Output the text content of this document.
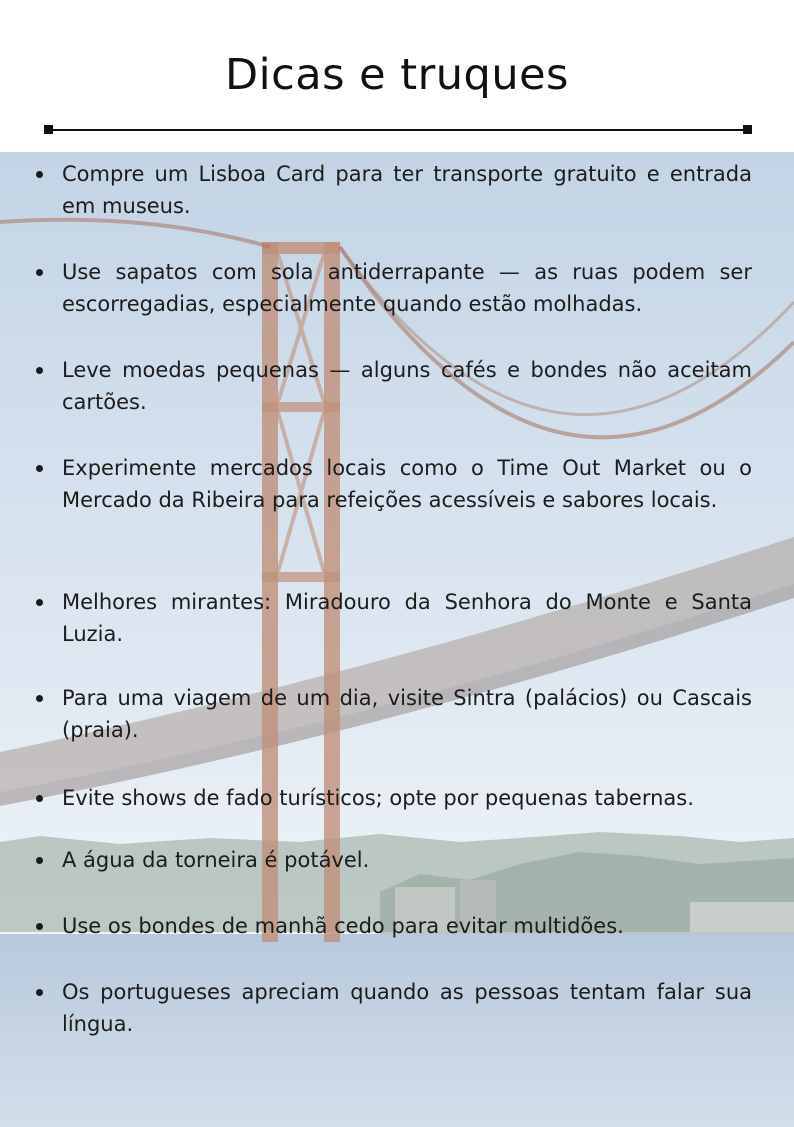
Dicas e truques
Compre um Lisboa Card para ter transporte gratuito e entrada em museus.
Use sapatos com sola antiderrapante — as ruas podem ser escorregadias, especialmente quando estão molhadas.
Leve moedas pequenas — alguns cafés e bondes não aceitam cartões.
Experimente mercados locais como o Time Out Market ou o Mercado da Ribeira para refeições acessíveis e sabores locais.
Melhores mirantes: Miradouro da Senhora do Monte e Santa Luzia.
Para uma viagem de um dia, visite Sintra (palácios) ou Cascais (praia).
Evite shows de fado turísticos; opte por pequenas tabernas.
A água da torneira é potável.
Use os bondes de manhã cedo para evitar multidões.
Os portugueses apreciam quando as pessoas tentam falar sua língua.
